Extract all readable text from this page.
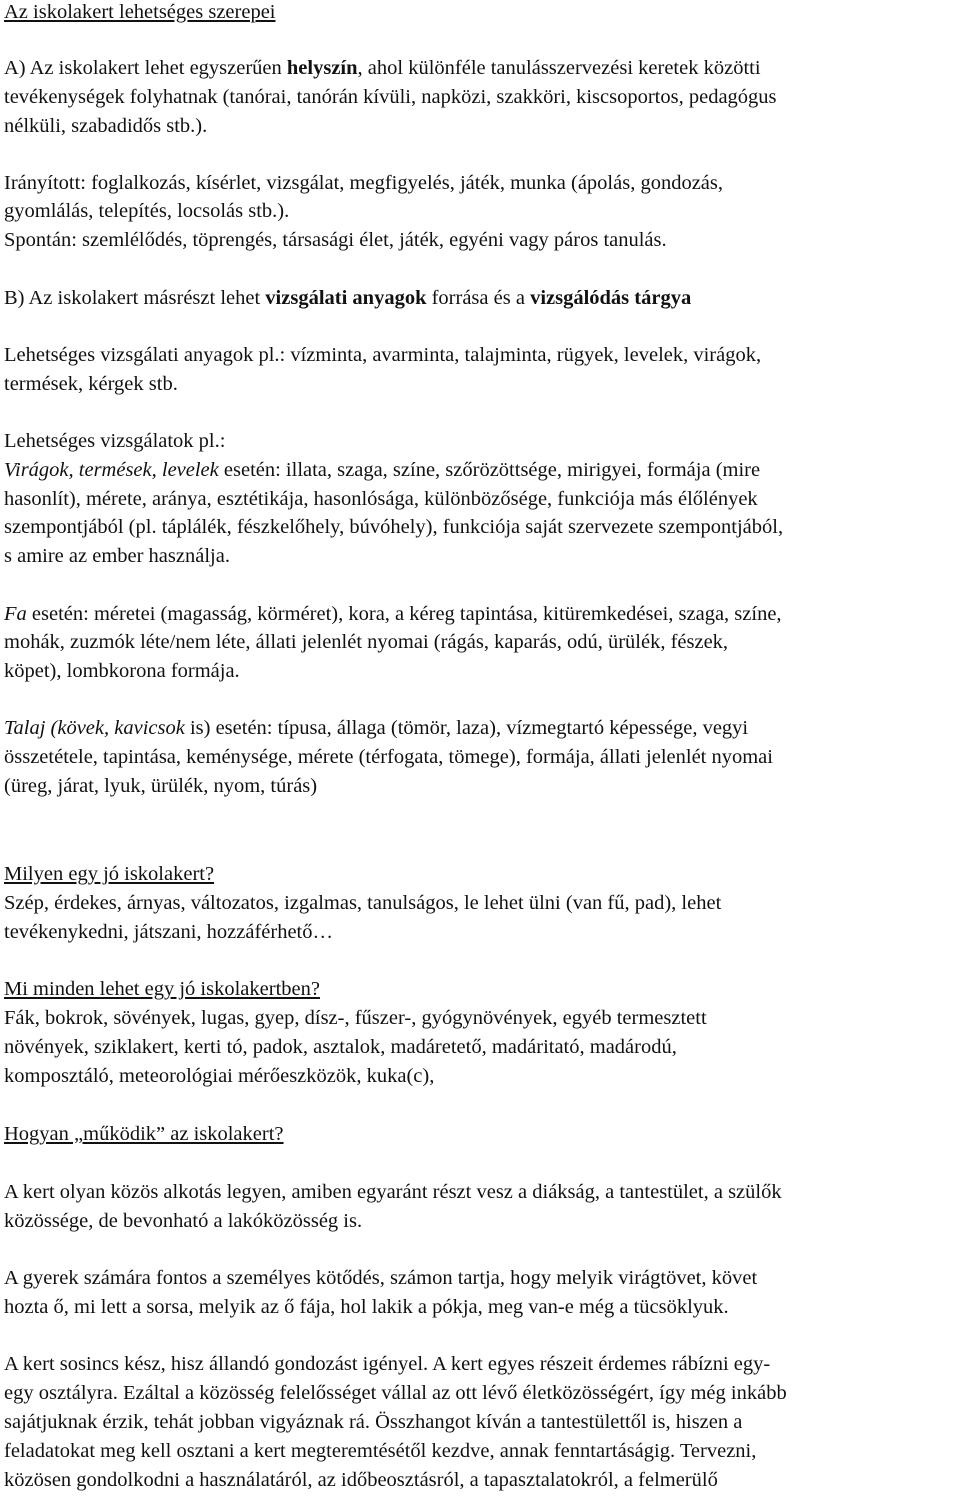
Az iskolakert lehetséges szerepei
A) Az iskolakert lehet egyszerűen helyszín, ahol különféle tanulásszervezési keretek közötti
tevékenységek folyhatnak (tanórai, tanórán kívüli, napközi, szakköri, kiscsoportos, pedagógus
nélküli, szabadidős stb.).
Irányított: foglalkozás, kísérlet, vizsgálat, megfigyelés, játék, munka (ápolás, gondozás,
gyomlálás, telepítés, locsolás stb.).
Spontán: szemlélődés, töprengés, társasági élet, játék, egyéni vagy páros tanulás.
B) Az iskolakert másrészt lehet vizsgálati anyagok forrása és a vizsgálódás tárgya
Lehetséges vizsgálati anyagok pl.: vízminta, avarminta, talajminta, rügyek, levelek, virágok,
termések, kérgek stb.
Lehetséges vizsgálatok pl.:
Virágok, termések, levelek esetén: illata, szaga, színe, szőrözöttsége, mirigyei, formája (mire
hasonlít), mérete, aránya, esztétikája, hasonlósága, különbözősége, funkciója más élőlények
szempontjából (pl. táplálék, fészkelőhely, búvóhely), funkciója saját szervezete szempontjából,
s amire az ember használja.
Fa esetén: méretei (magasság, körméret), kora, a kéreg tapintása, kitüremkedései, szaga, színe,
mohák, zuzmók léte/nem léte, állati jelenlét nyomai (rágás, kaparás, odú, ürülék, fészek,
köpet), lombkorona formája.
Talaj (kövek, kavicsok is) esetén: típusa, állaga (tömör, laza), vízmegtartó képessége, vegyi
összetétele, tapintása, keménysége, mérete (térfogata, tömege), formája, állati jelenlét nyomai
(üreg, járat, lyuk, ürülék, nyom, túrás)
Milyen egy jó iskolakert?
Szép, érdekes, árnyas, változatos, izgalmas, tanulságos, le lehet ülni (van fű, pad), lehet
tevékenykedni, játszani, hozzáférhető…
Mi minden lehet egy jó iskolakertben?
Fák, bokrok, sövények, lugas, gyep, dísz-, fűszer-, gyógynövények, egyéb termesztett
növények, sziklakert, kerti tó, padok, asztalok, madáretető, madáritató, madárodú,
komposztáló, meteorológiai mérőeszközök, kuka(c),
Hogyan „működik” az iskolakert?
A kert olyan közös alkotás legyen, amiben egyaránt részt vesz a diákság, a tantestület, a szülők
közössége, de bevonható a lakóközösség is.
A gyerek számára fontos a személyes kötődés, számon tartja, hogy melyik virágtövet, követ
hozta ő, mi lett a sorsa, melyik az ő fája, hol lakik a pókja, meg van-e még a tücsöklyuk.
A kert sosincs kész, hisz állandó gondozást igényel. A kert egyes részeit érdemes rábízni egy-
egy osztályra. Ezáltal a közösség felelősséget vállal az ott lévő életközösségért, így még inkább
sajátjuknak érzik, tehát jobban vigyáznak rá. Összhangot kíván a tantestülettől is, hiszen a
feladatokat meg kell osztani a kert megteremtésétől kezdve, annak fenntartáságig. Tervezni,
közösen gondolkodni a használatáról, az időbeosztásról, a tapasztalatokról, a felmerülő
